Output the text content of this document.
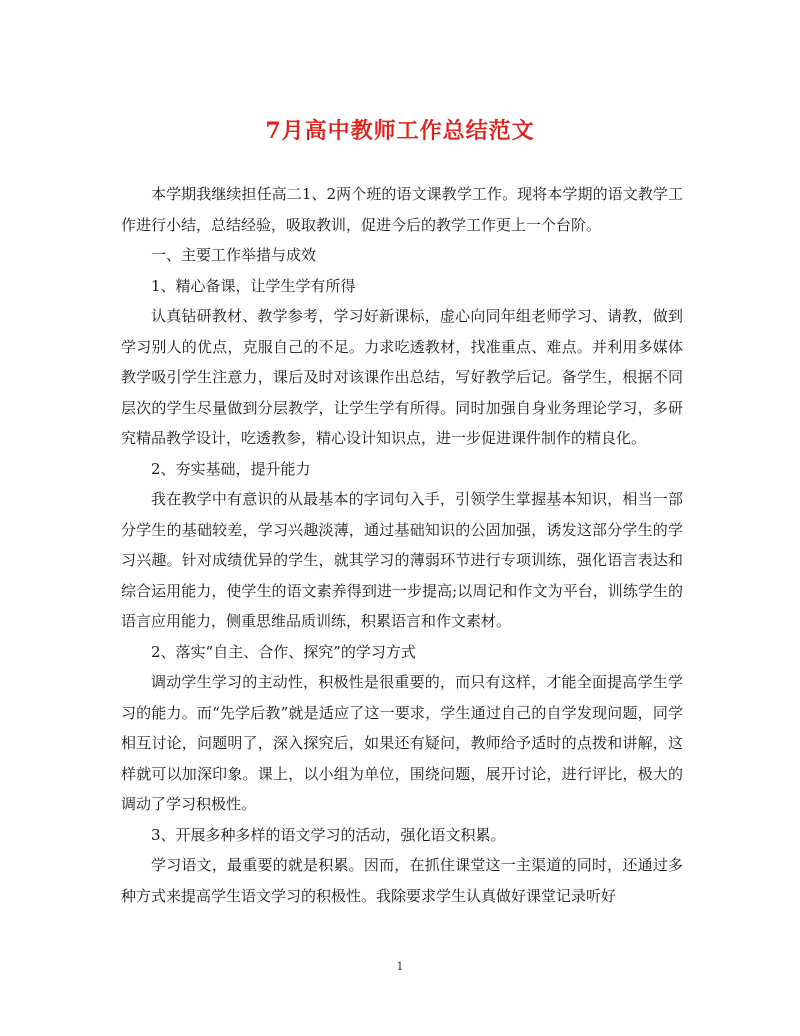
7月高中教师工作总结范文

本学期我继续担任高二1、2两个班的语文课教学工作。现将本学期的语文教学工作进行小结，总结经验，吸取教训，促进今后的教学工作更上一个台阶。

一、主要工作举措与成效

1、精心备课，让学生学有所得

认真钻研教材、教学参考，学习好新课标，虚心向同年组老师学习、请教，做到学习别人的优点，克服自己的不足。力求吃透教材，找准重点、难点。并利用多媒体教学吸引学生注意力，课后及时对该课作出总结，写好教学后记。备学生，根据不同层次的学生尽量做到分层教学，让学生学有所得。同时加强自身业务理论学习，多研究精品教学设计，吃透教参，精心设计知识点，进一步促进课件制作的精良化。

2、夯实基础，提升能力

我在教学中有意识的从最基本的字词句入手，引领学生掌握基本知识，相当一部分学生的基础较差，学习兴趣淡薄，通过基础知识的公固加强，诱发这部分学生的学习兴趣。针对成绩优异的学生，就其学习的薄弱环节进行专项训练，强化语言表达和综合运用能力，使学生的语文素养得到进一步提高;以周记和作文为平台，训练学生的语言应用能力，侧重思维品质训练，积累语言和作文素材。

2、落实“自主、合作、探究”的学习方式

调动学生学习的主动性，积极性是很重要的，而只有这样，才能全面提高学生学习的能力。而“先学后教”就是适应了这一要求，学生通过自己的自学发现问题，同学相互讨论，问题明了，深入探究后，如果还有疑问，教师给予适时的点拨和讲解，这样就可以加深印象。课上，以小组为单位，围绕问题，展开讨论，进行评比，极大的调动了学习积极性。

3、开展多种多样的语文学习的活动，强化语文积累。

学习语文，最重要的就是积累。因而，在抓住课堂这一主渠道的同时，还通过多种方式来提高学生语文学习的积极性。我除要求学生认真做好课堂记录听好

1
